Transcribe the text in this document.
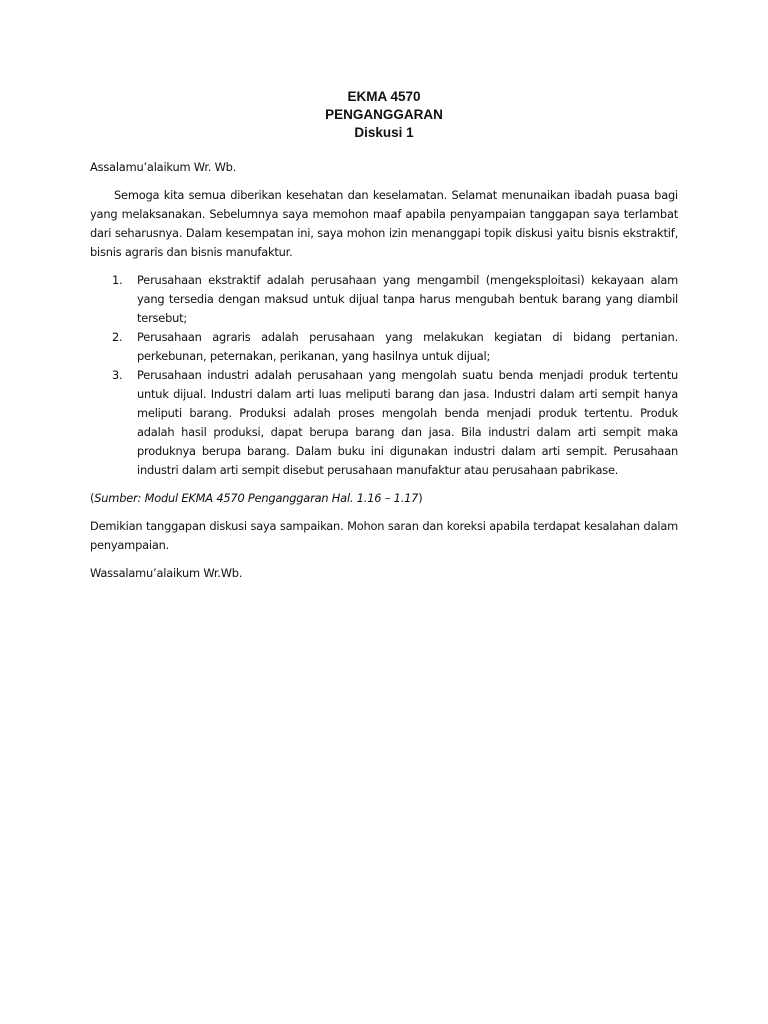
EKMA 4570
PENGANGGARAN
Diskusi 1

Assalamu’alaikum Wr. Wb.

Semoga kita semua diberikan kesehatan dan keselamatan. Selamat menunaikan ibadah puasa bagi yang melaksanakan. Sebelumnya saya memohon maaf apabila penyampaian tanggapan saya terlambat dari seharusnya. Dalam kesempatan ini, saya mohon izin menanggapi topik diskusi yaitu bisnis ekstraktif, bisnis agraris dan bisnis manufaktur.

1. Perusahaan ekstraktif adalah perusahaan yang mengambil (mengeksploitasi) kekayaan alam yang tersedia dengan maksud untuk dijual tanpa harus mengubah bentuk barang yang diambil tersebut;
2. Perusahaan agraris adalah perusahaan yang melakukan kegiatan di bidang pertanian. perkebunan, peternakan, perikanan, yang hasilnya untuk dijual;
3. Perusahaan industri adalah perusahaan yang mengolah suatu benda menjadi produk tertentu untuk dijual. Industri dalam arti luas meliputi barang dan jasa. Industri dalam arti sempit hanya meliputi barang. Produksi adalah proses mengolah benda menjadi produk tertentu. Produk adalah hasil produksi, dapat berupa barang dan jasa. Bila industri dalam arti sempit maka produknya berupa barang. Dalam buku ini digunakan industri dalam arti sempit. Perusahaan industri dalam arti sempit disebut perusahaan manufaktur atau perusahaan pabrikase.

(Sumber: Modul EKMA 4570 Penganggaran Hal. 1.16 – 1.17)

Demikian tanggapan diskusi saya sampaikan. Mohon saran dan koreksi apabila terdapat kesalahan dalam penyampaian.

Wassalamu’alaikum Wr.Wb.
